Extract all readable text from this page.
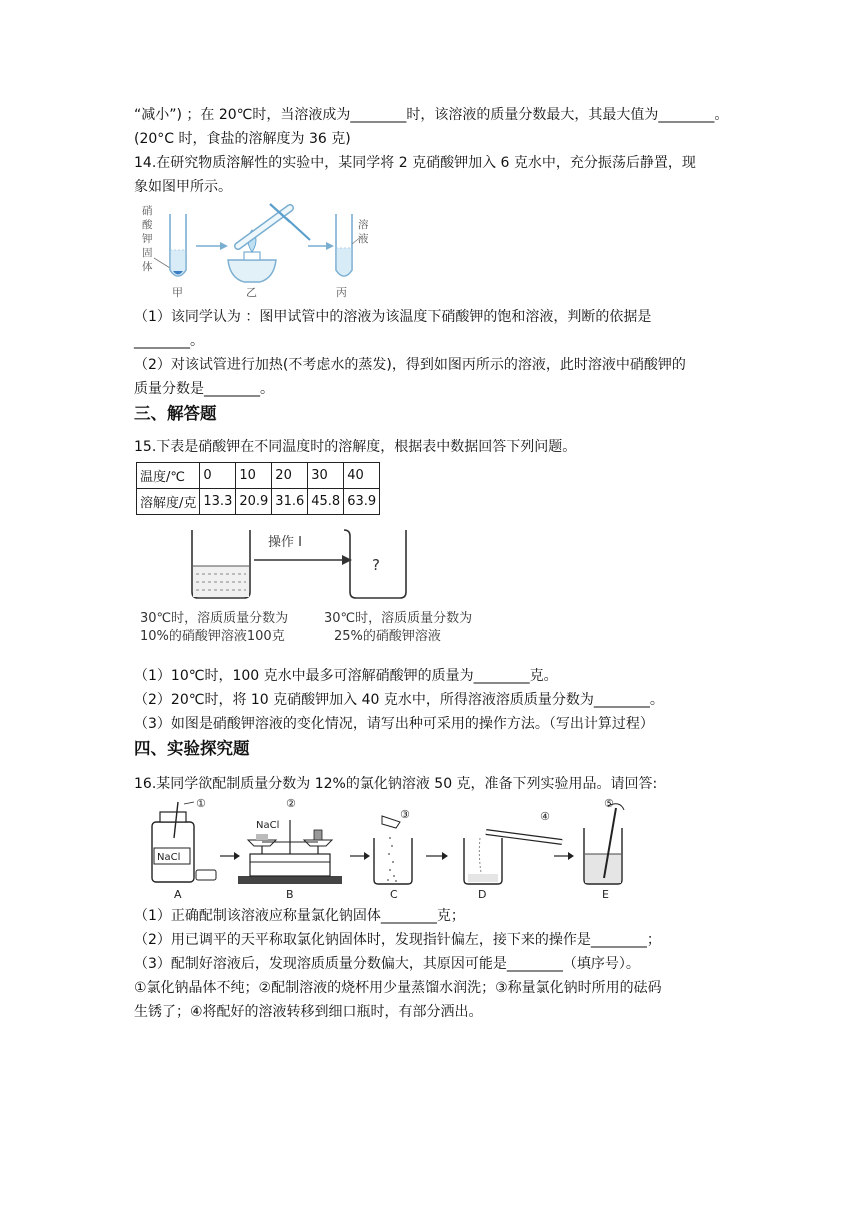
“减小”) ；在 20℃时，当溶液成为________时，该溶液的质量分数最大，其最大值为________。
(20°C 时，食盐的溶解度为 36 克)
14.在研究物质溶解性的实验中，某同学将 2 克硝酸钾加入 6 克水中，充分振荡后静置，现
象如图甲所示。
硝
酸
钾
固
体
甲	乙
溶
液
丙
（1）该同学认为 ：图甲试管中的溶液为该温度下硝酸钾的饱和溶液，判断的依据是
________。
（2）对该试管进行加热(不考虑水的蒸发)，得到如图丙所示的溶液，此时溶液中硝酸钾的
质量分数是________。
三、解答题
15.下表是硝酸钾在不同温度时的溶解度，根据表中数据回答下列问题。
温度/℃	0	10	20	30	40
溶解度/克	13.3	20.9	31.6	45.8	63.9
操作 I
?
30℃时，溶质质量分数为
10%的硝酸钾溶液100克
30℃时，溶质质量分数为
25%的硝酸钾溶液
（1）10℃时，100 克水中最多可溶解硝酸钾的质量为________克。
（2）20℃时，将 10 克硝酸钾加入 40 克水中，所得溶液溶质质量分数为________。
（3）如图是硝酸钾溶液的变化情况，请写出种可采用的操作方法。（写出计算过程）
四、实验探究题
16.某同学欲配制质量分数为 12%的氯化钠溶液 50 克，准备下列实验用品。请回答:
NaCl
①
NaCl
②
③	④
⑤
A	B	C	D	E
（1）正确配制该溶液应称量氯化钠固体________克；
（2）用已调平的天平称取氯化钠固体时，发现指针偏左，接下来的操作是________；
（3）配制好溶液后，发现溶质质量分数偏大，其原因可能是________（填序号）。
①氯化钠晶体不纯；②配制溶液的烧杯用少量蒸馏水润洗；③称量氯化钠时所用的砝码
生锈了；④将配好的溶液转移到细口瓶时，有部分洒出。
